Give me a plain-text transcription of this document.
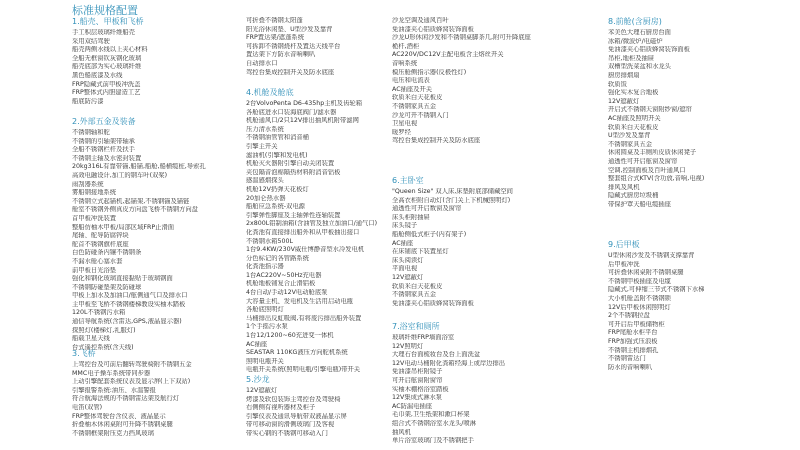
标准规格配置
1.船壳、甲板和飞桥
手工积层玻璃纤维船壳
采用双结驾驶
船壳两侧水线以上夹心材料
全船无框窗钦灰钢化玻璃
船壳底部为实心玻璃纤维
黑色船底漆及水线
FRP隐藏式前甲板冲洗盖
FRP整体式内胆建造工艺
船底防污漆
2.外部五金及装备
不锈钢轴和舵
不锈钢的引轴架带轴承
全船不锈钢栏杆及扶手
不锈钢主轴及水密封装置
20kg316L有靠带锚,船锚,船舱,船横缆桩,导索孔
高效电融设计,加工的钢车叶(双桨)
雨刮器系统
雾船钢接地系统
不锈钢立式起锚机,起锚架,不锈钢锚及锚链
舱室不锈钢外侧真皮方向盘飞桥不锈钢方向盘
首甲板冲洗装置
整船仿柚木甲板/局部区域FRP止滑面
尾轴、舵导防腐锌块
舵首不锈钢旗杆底座
白色防碰条内镶不锈钢条
不漏水舱心塞水套
前甲板日光浴垫
强化和钢化玻璃直接黏贴于玻璃钢面
不锈钢防碰垫架及防碰球
甲板上加水及加油口/舷侧通气口及排水口
主甲板至飞桥不锈钢楼梯教设实柚木踏板
120L不锈钢污水箱
通信导航系统(含雷达,GPS,液晶显示器)
探照灯(楼梯灯,礼服灯)
船载卫星天线
台式遥控系统(含天线)
3.飞桥
上驾控台及可前后翻转驾驶椅附不锈钢五金
MMC电子操车系统带同步器
上动引擎配套系统仪表及显示屏(上下双站)
引擎报警系统:油压、水温警报
符合航海法规的不锈钢雷达架及航行灯
电笛(双管)
FRP整体驾驶台含仪表、液晶显示
折叠柚木休闲桌附可升降不锈钢桌腿
不锈钢框架附压克力挡风玻璃
可折叠不锈钢太阳蓬
阳光浴休闲垫、U型沙发及靠背
FRP置达架/遮蓬系统
可拆卸不锈钢烧杆及置达天线平台
置达架下方防水音响喇叭
自动排水口
驾控台集成控制开关及防水底座
4.机舱及舱底
2台VolvoPenta D6-435hp主机及齿轮箱
各舱底进水口装海底阀门/滤水器
机舱通风口/2只12V排出抽风机附带滤网
压力清水系统
不锈钢油管管和消音桶
引擎主开关
滤油机(引擎和发电机)
机舱灭火器附引擎自动关闭装置
夹包隔音泡棉隔热材料附消音钻板
感温感烟探头
机舱12V扔弹天花板灯
20加仑热水器
船舶应急系统-双电源
引擎弹性脚座及主轴弹性连轴装置
2x800L铝制油箱(含油管及独立加油口/通气口)
化粪池有直接排出船外和从甲板抽出接口
不锈钢水箱500L
1台9.4KW/230V威仕博静音型水冷发电机
分色标记的各管路系统
化粪池指示器
1台AC220V~50Hz充电器
机舱地板铺复合止滑铝板
4台自动/手动12V电动舱底泵
大容量主机、发电机及生活用启动电瓶
各舱底照明灯
马桶排出反虹吸阀,有将废污排出船外装置
1个手摇污水泵
1台12/1200~60充进变一体机
AC插座
SEASTAR 110KG液压方向舵机系统
照明电瓶开关
电瓶开关系统(照明电瓶/引擎电瓶)带开关
5.沙龙
12V遮蔽灯
烤漆及软包装饰主驾控台及驾驶椅
右侧侧有视听器材及柜子
引擎仪表及通讯导航带双液晶显示屏
带可移动窗的滑侧玻璃门及客视
带实心钢的不锈钢可移动入门
沙龙空调及通风百叶
免油漆夹心铝质蜂窝装饰面板
沙龙U形休闲沙发和不锈钢桌脚茶几,附可升降底座
桅杆,酒柜
AC220V/DC12V主配电板含主熔丝开关
音响系统
模压舱侧指示器(反极性灯)
电压和电流表
AC插座及开关
软质米白天花板皮
不锈钢家具五金
沙龙可开不锈钢入门
卫星电视
暖罗经
驾控台集成控制开关及防水底座
6.主卧室
"Queen Size" 双人床,床垫附底部储藏空间
全高衣柜附自动灯(含门关上下机械照明灯)
通透性可开启数窗及窗帘
床头柜附抽屉
床头镜子
船舱侧低式柜子(内有架子)
AC插座
在床铺底下装置星灯
床头阅读灯
平面电视
12V遮蔽灯
软质米白天花板皮
不锈钢家具五金
免油漆夹心铝质蜂窝装饰面板
7.浴室和厕所
玻璃纤维FRP墙面浴室
12V照明灯
大理石台面梳妆台及台上面洗盆
12V电动马桶附化粪箱经海上或岸边排出
免油漆吊柜附镜子
可开启舷窗附窗帘
实柚木棚格浴室踏板
12V集成式淋水泵
AC防漏电插座
毛巾架,卫生纸架和漱口杯架
组合式不锈钢浴室水龙头/喷淋
抽风机
单片浴室玻璃门及不锈钢把手
8.前舱(含厨房)
苯美色大理石厨房台面
冰箱/微波炉/电磁炉
免油漆夹心铝质蜂窝装饰面板
吊柜,地柜及抽屉
双槽型洗菜盆和水龙头
厨房排烟扇
软质饭
强化实木复合地板
12V遮蔽灯
开启式不锈钢天窗附纱窗/遮帘
AC插座及照明开关
软质米白天花板皮
U型沙发及靠背
不锈钢家具五金
休闲圆桌及丰厕所皮质休闲凳子
通透性可开启舷窗及窗帘
空调,控制面板及百叶通风口
整套组合式KTV(含功放,音响,电视)
排风及风机
隐藏式厨房垃圾桶
带保护罩天船电缆插座
9.后甲板
U型休闲沙发及不锈钢支撑靠背
后甲板冲洗
可折叠休闲桌附不锈钢桌腿
不锈钢甲板插座及电缆
隐藏式,可伸缩三节式不锈钢下水梯
大小机舱盖附不锈钢锁
12V后甲板休闲照明灯
2个不锈钢拉盘
可开启后甲板储物柜
FRP尾舱水柜平台
FRP加强式压浪板
不锈钢主机排烟孔
不锈钢雷达门
防水的音响喇叭
